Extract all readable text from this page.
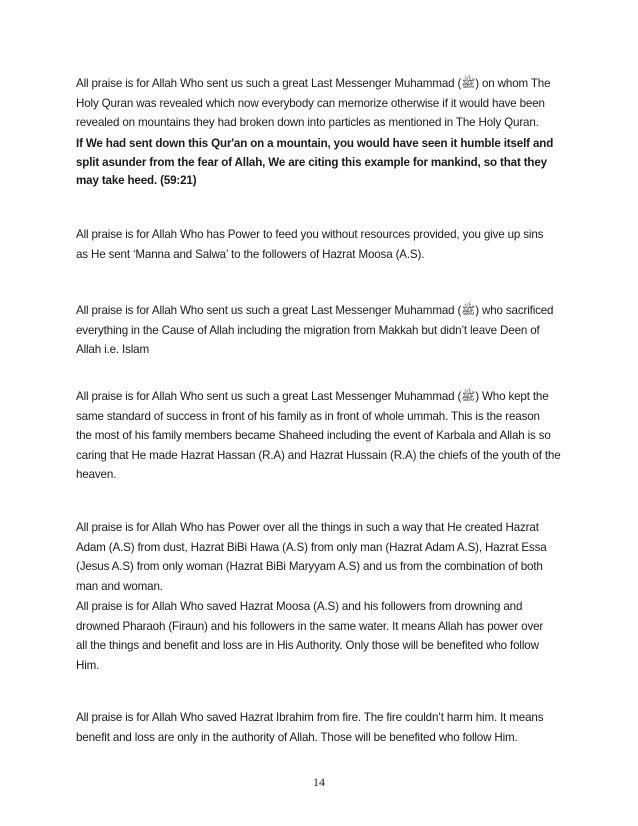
All praise is for Allah Who sent us such a great Last Messenger Muhammad (ﷺ) on whom The
Holy Quran was revealed which now everybody can memorize otherwise if it would have been
revealed on mountains they had broken down into particles as mentioned in The Holy Quran.

If We had sent down this Qur'an on a mountain, you would have seen it humble itself and
split asunder from the fear of Allah, We are citing this example for mankind, so that they
may take heed. (59:21)

All praise is for Allah Who has Power to feed you without resources provided, you give up sins
as He sent ‘Manna and Salwa’ to the followers of Hazrat Moosa (A.S).

All praise is for Allah Who sent us such a great Last Messenger Muhammad (ﷺ) who sacrificed
everything in the Cause of Allah including the migration from Makkah but didn’t leave Deen of
Allah i.e. Islam

All praise is for Allah Who sent us such a great Last Messenger Muhammad (ﷺ) Who kept the
same standard of success in front of his family as in front of whole ummah. This is the reason
the most of his family members became Shaheed including the event of Karbala and Allah is so
caring that He made Hazrat Hassan (R.A) and Hazrat Hussain (R.A) the chiefs of the youth of the
heaven.

All praise is for Allah Who has Power over all the things in such a way that He created Hazrat
Adam (A.S) from dust, Hazrat BiBi Hawa (A.S) from only man (Hazrat Adam A.S), Hazrat Essa
(Jesus A.S) from only woman (Hazrat BiBi Maryyam A.S) and us from the combination of both
man and woman.

All praise is for Allah Who saved Hazrat Moosa (A.S) and his followers from drowning and
drowned Pharaoh (Firaun) and his followers in the same water. It means Allah has power over
all the things and benefit and loss are in His Authority. Only those will be benefited who follow
Him.

All praise is for Allah Who saved Hazrat Ibrahim from fire. The fire couldn’t harm him. It means
benefit and loss are only in the authority of Allah. Those will be benefited who follow Him.

14
